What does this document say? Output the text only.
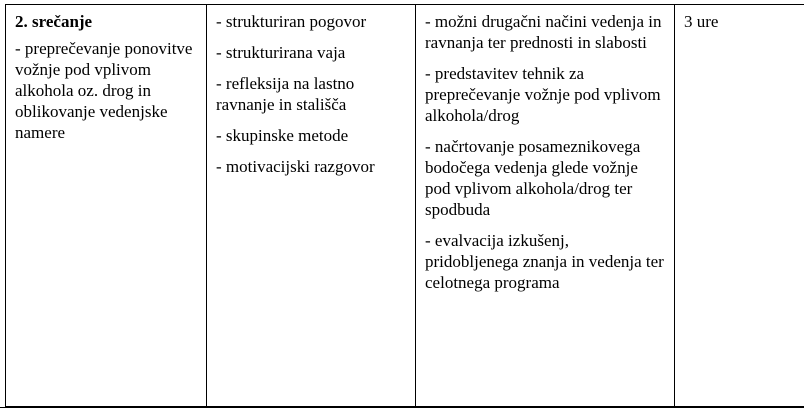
2. srečanje
- preprečevanje ponovitve vožnje pod vplivom alkohola oz. drog in oblikovanje vedenjske namere

- strukturiran pogovor
- strukturirana vaja
- refleksija na lastno ravnanje in stališča
- skupinske metode
- motivacijski razgovor

- možni drugačni načini vedenja in ravnanja ter prednosti in slabosti
- predstavitev tehnik za preprečevanje vožnje pod vplivom alkohola/drog
- načrtovanje posameznikovega bodočega vedenja glede vožnje pod vplivom alkohola/drog ter spodbuda
- evalvacija izkušenj, pridobljenega znanja in vedenja ter celotnega programa

3 ure
